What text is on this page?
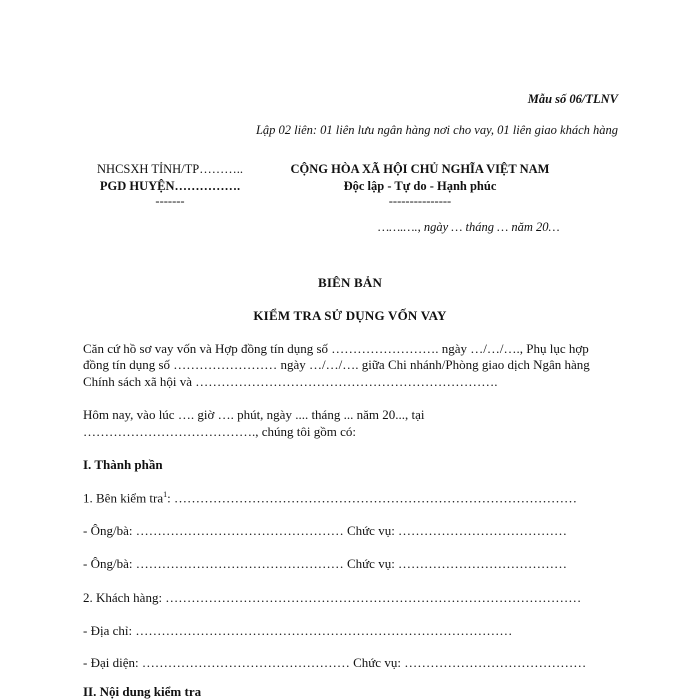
Mẫu số 06/TLNV
Lập 02 liên: 01 liên lưu ngân hàng nơi cho vay, 01 liên giao khách hàng
NHCSXH TỈNH/TP………..
PGD HUYỆN…………….
-------
CỘNG HÒA XÃ HỘI CHỦ NGHĨA VIỆT NAM
Độc lập - Tự do - Hạnh phúc
---------------
…….…., ngày … tháng … năm 20…
BIÊN BẢN
KIỂM TRA SỬ DỤNG VỐN VAY
Căn cứ hồ sơ vay vốn và Hợp đồng tín dụng số ……………………. ngày …/…/…., Phụ lục hợp
đồng tín dụng số …………………… ngày …/…/…. giữa Chi nhánh/Phòng giao dịch Ngân hàng
Chính sách xã hội và …………………………………………………………….
Hôm nay, vào lúc …. giờ …. phút, ngày .... tháng ... năm 20..., tại
…………………………………., chúng tôi gồm có:
I. Thành phần
1. Bên kiểm tra$^1$: …………………………………………………………………………………
- Ông/bà: ………………………………………… Chức vụ: …………………………………
- Ông/bà: ………………………………………… Chức vụ: …………………………………
2. Khách hàng: ……………………………………………………………………………………
- Địa chỉ: ……………………………………………………………………………
- Đại diện: ………………………………………… Chức vụ: ……………………………………
II. Nội dung kiểm tra
